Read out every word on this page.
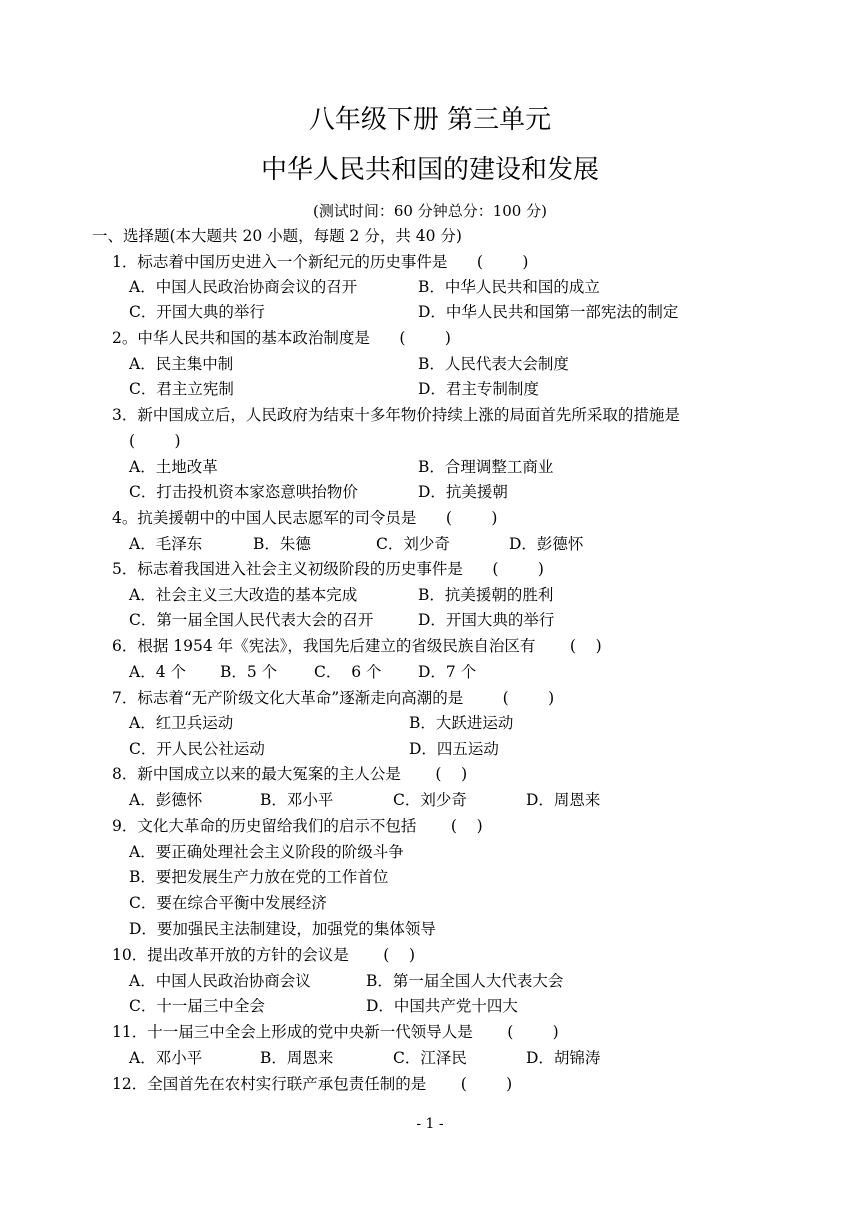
八年级下册 第三单元
中华人民共和国的建设和发展
(测试时间：60 分钟总分：100 分)
一、选择题(本大题共 20 小题，每题 2 分，共 40 分)
1．标志着中国历史进入一个新纪元的历史事件是      (        )
A．中国人民政治协商会议的召开	B．中华人民共和国的成立
C．开国大典的举行	D．中华人民共和国第一部宪法的制定
2。中华人民共和国的基本政治制度是      (        )
A．民主集中制	B．人民代表大会制度
C．君主立宪制	D．君主专制制度
3．新中国成立后，人民政府为结束十多年物价持续上涨的局面首先所采取的措施是
(        )
A．土地改革	B．合理调整工商业
C．打击投机资本家恣意哄抬物价	D．抗美援朝
4。抗美援朝中的中国人民志愿军的司令员是      (        )
A．毛泽东	B．朱德	C．刘少奇	D．彭德怀
5．标志着我国进入社会主义初级阶段的历史事件是      (        )
A．社会主义三大改造的基本完成	B．抗美援朝的胜利
C．第一届全国人民代表大会的召开	D．开国大典的举行
6．根据 1954 年《宪法》，我国先后建立的省级民族自治区有       (    )
A．4 个 B．5 个 C．  6 个 D．7 个
7．标志着“无产阶级文化大革命”逐渐走向高潮的是        (        )
A．红卫兵运动	B．大跃进运动
C．开人民公社运动	D．四五运动
8．新中国成立以来的最大冤案的主人公是       (    )
A．彭德怀	B．邓小平	C．刘少奇	D．周恩来
9．文化大革命的历史留给我们的启示不包括       (    )
A．要正确处理社会主义阶段的阶级斗争
B．要把发展生产力放在党的工作首位
C．要在综合平衡中发展经济
D．要加强民主法制建设，加强党的集体领导
10．提出改革开放的方针的会议是       (    )
A．中国人民政治协商会议	B．第一届全国人大代表大会
C．十一届三中全会	D．中国共产党十四大
11．十一届三中全会上形成的党中央新一代领导人是       (        )
A．邓小平	B．周恩来	C．江泽民	D．胡锦涛
12．全国首先在农村实行联产承包责任制的是       (        )
- 1 -
